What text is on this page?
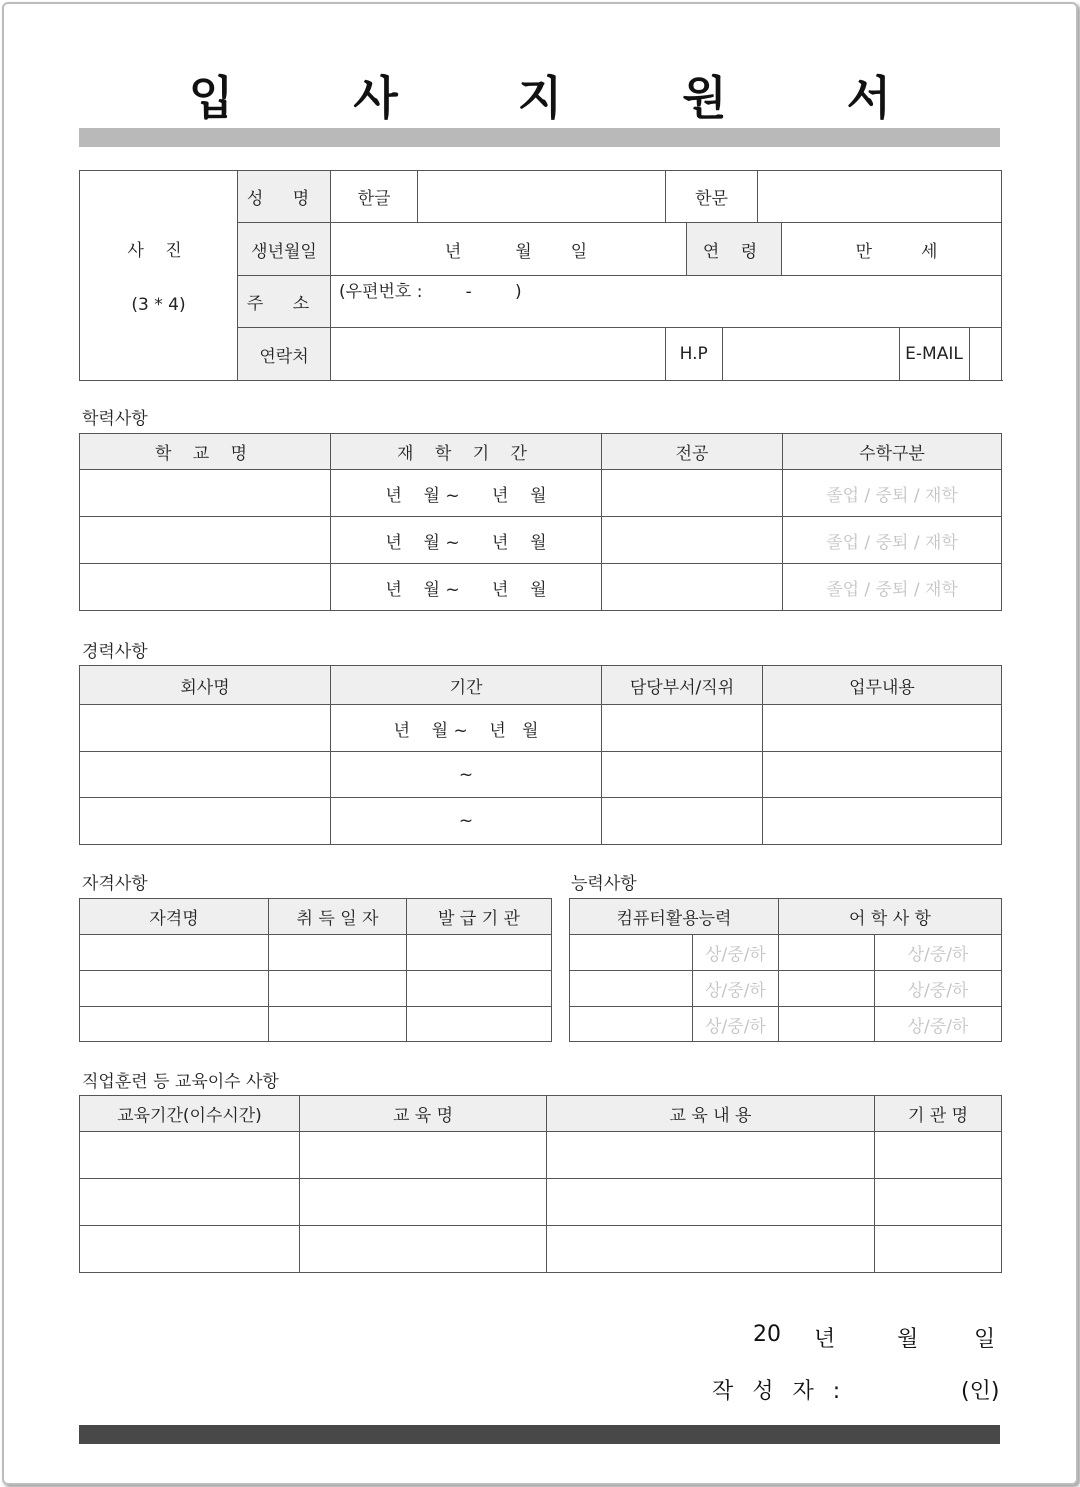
입 사 지 원 서
사 진
(3 * 4)
	성 명	한글		한문	
생년월일	년	월 일	연 령	만	세
주 소	
(우편번호 :        -        )

연락처			H.P		E-MAIL	
학력사항
학 교 명	재 학 기 간	전공	수학구분
	년    월 ~      년    월		졸업 / 중퇴 / 재학
	년    월 ~      년    월		졸업 / 중퇴 / 재학
	년    월 ~      년    월		졸업 / 중퇴 / 재학
경력사항
회사명	기간	담당부서/직위	업무내용
	년    월 ~    년   월		
	~		
	~		
자격사항
자격명	취 득 일 자	발 급 기 관

능력사항
컴퓨터활용능력		어 학 사 항	
	상/중/하		상/중/하
	상/중/하		상/중/하
	상/중/하		상/중/하
직업훈련 등 교육이수 사항
교육기간(이수시간)	교 육 명	교 육 내 용	기 관 명

20 년	월	일
작 성 자 :	(인)
